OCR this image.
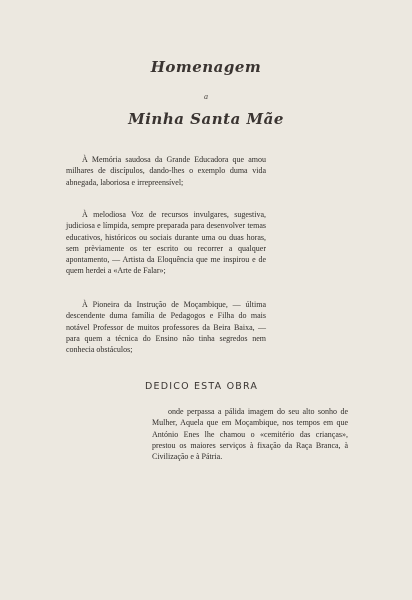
Homenagem
a
Minha Santa Mãe

À Memória saudosa da Grande Educadora que amou milhares de discípulos, dando-lhes o exemplo duma vida abnegada, laboriosa e irrepreensível;

À melodiosa Voz de recursos invulgares, sugestiva, judiciosa e límpida, sempre preparada para desenvolver temas educativos, históricos ou sociais durante uma ou duas horas, sem prèviamente os ter escrito ou recorrer a qualquer apontamento, — Artista da Eloquência que me inspirou e de quem herdei a «Arte de Falar»;

À Pioneira da Instrução de Moçambique, — última descendente duma família de Pedagogos e Filha do mais notável Professor de muitos professores da Beira Baixa, — para quem a técnica do Ensino não tinha segredos nem conhecia obstáculos;

DEDICO ESTA OBRA

onde perpassa a pálida imagem do seu alto sonho de Mulher, Aquela que em Moçambique, nos tempos em que António Enes lhe chamou o «cemitério das crianças», prestou os maiores serviços à fixação da Raça Branca, à Civilização e à Pátria.
